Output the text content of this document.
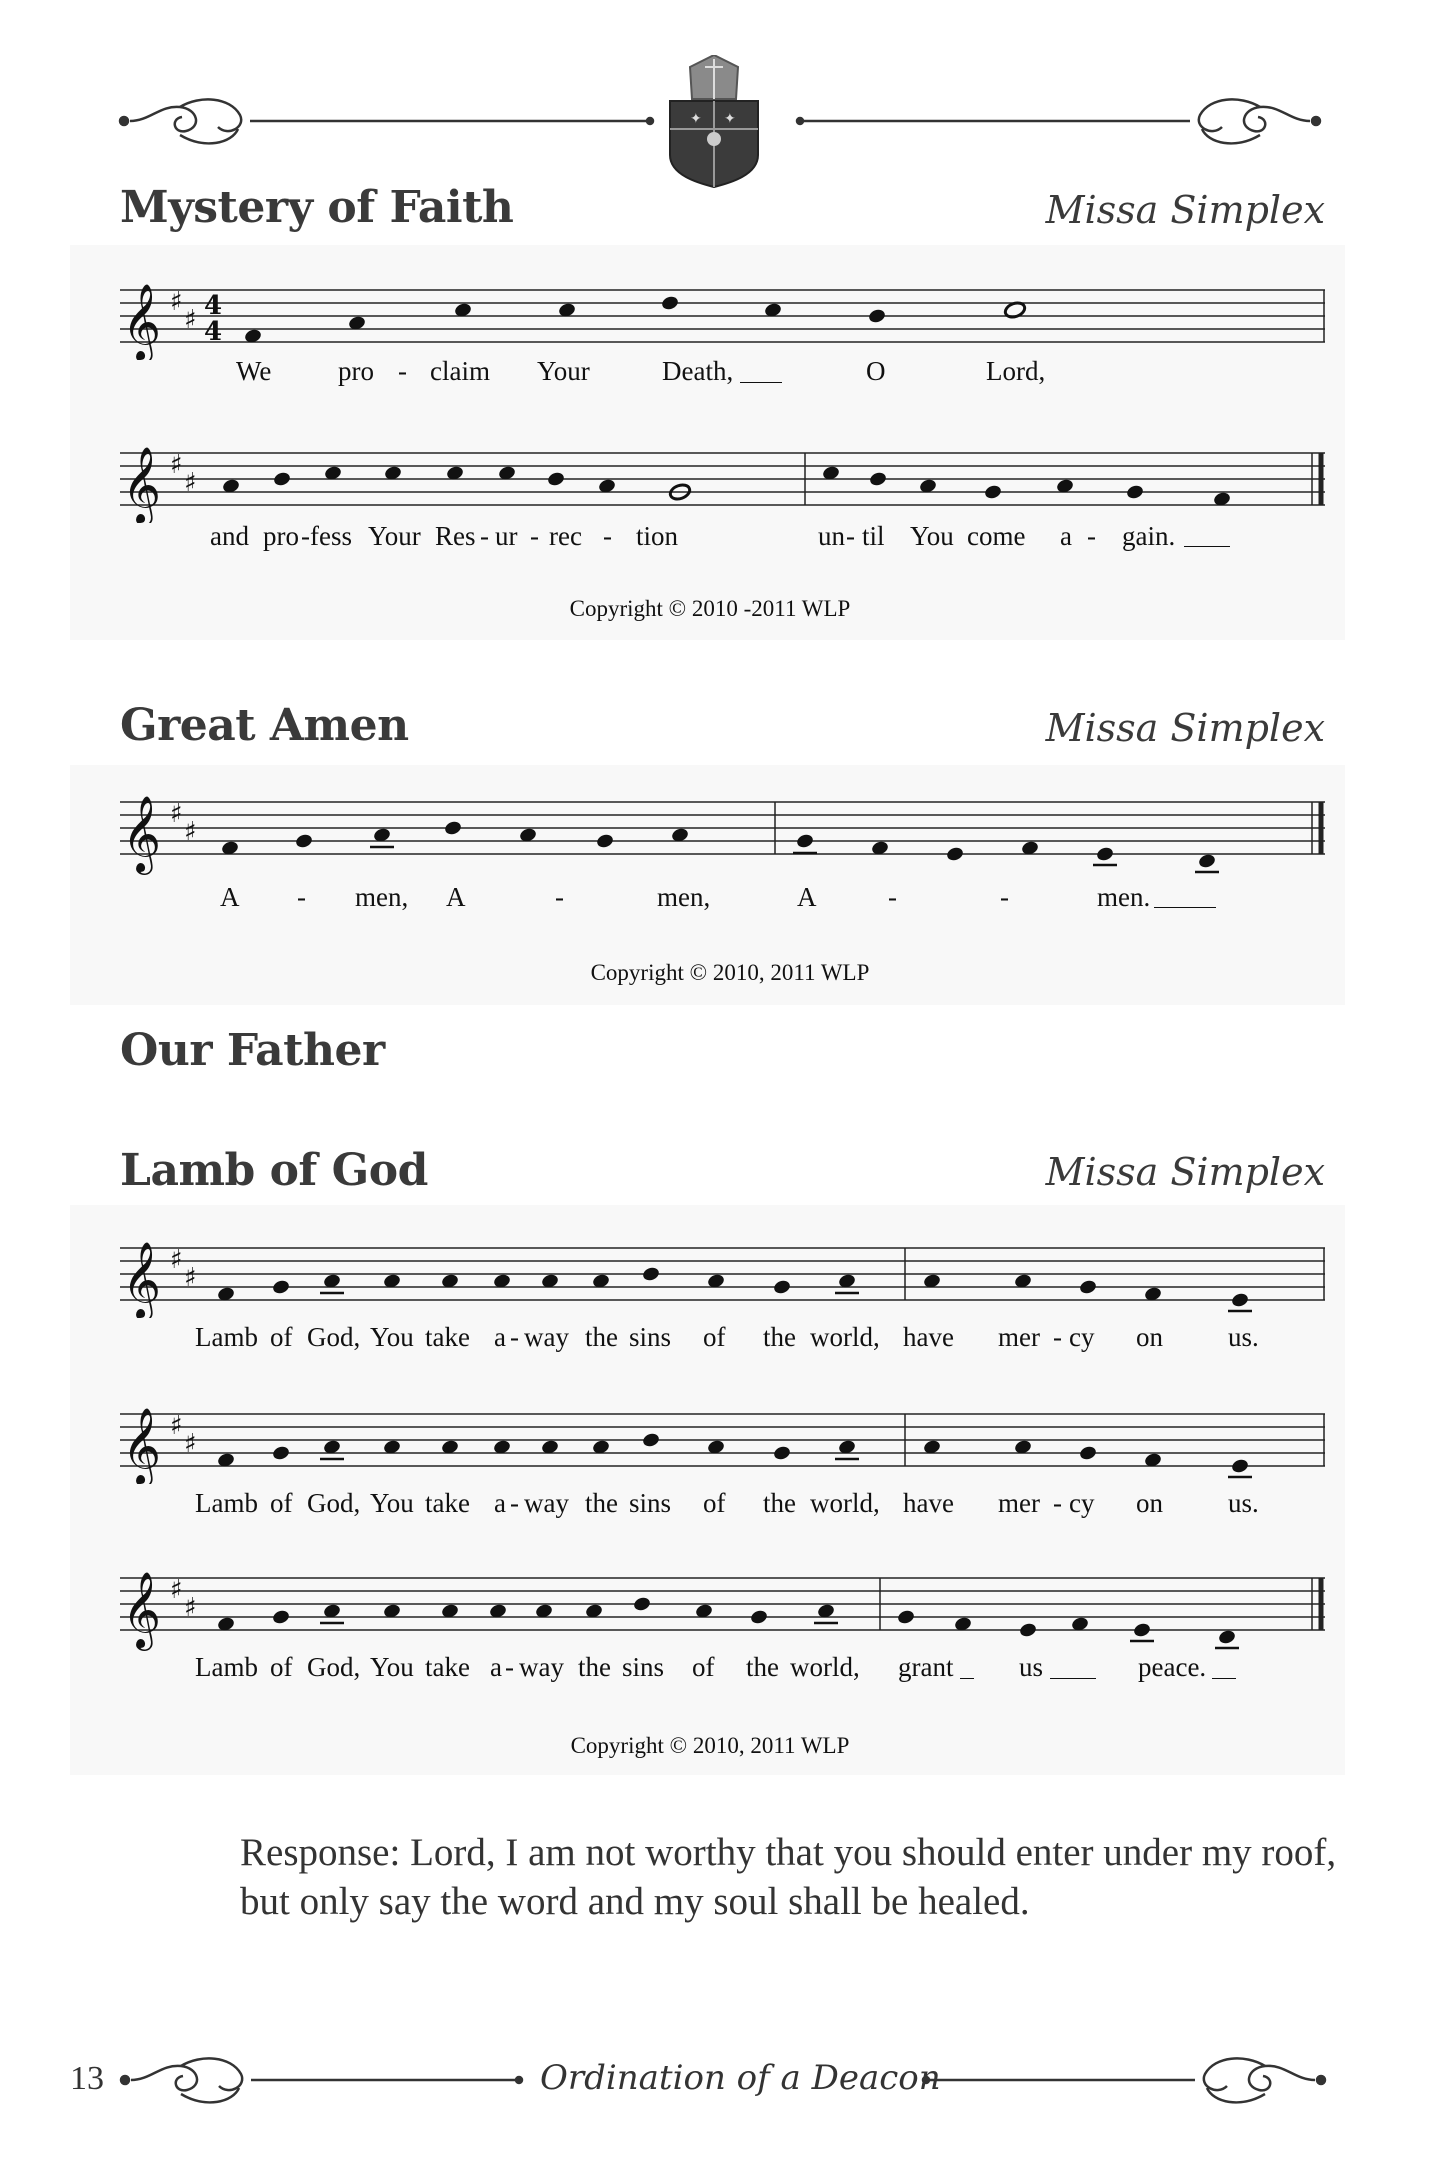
✦ ✦
Mystery of Faith	Missa Simplex
𝄞 ♯
♯ 4
4
We pro - claim Your	Death,	O	Lord,
𝄞 ♯
♯
and pro - fess Your Res - ur - rec - tion	un - til You come a - gain.
Copyright © 2010 -2011 WLP
Great Amen	Missa Simplex
𝄞 ♯
♯
A - men, A	-	men,	A	-	-	men.
Copyright © 2010, 2011 WLP
Our Father
Lamb of God	Missa Simplex
𝄞 ♯
♯
Lamb of God, You take a - way the sins of the world, have mer - cy on us.
𝄞 ♯
♯
Lamb of God, You take a - way the sins of the world, have mer - cy on us.
𝄞 ♯
♯
Lamb of God, You take a - way the sins of the world, grant us	peace.
Copyright © 2010, 2011 WLP
Response: Lord, I am not worthy that you should enter under my roof, but only say the word and my soul shall be healed.
13	Ordination of a Deacon
